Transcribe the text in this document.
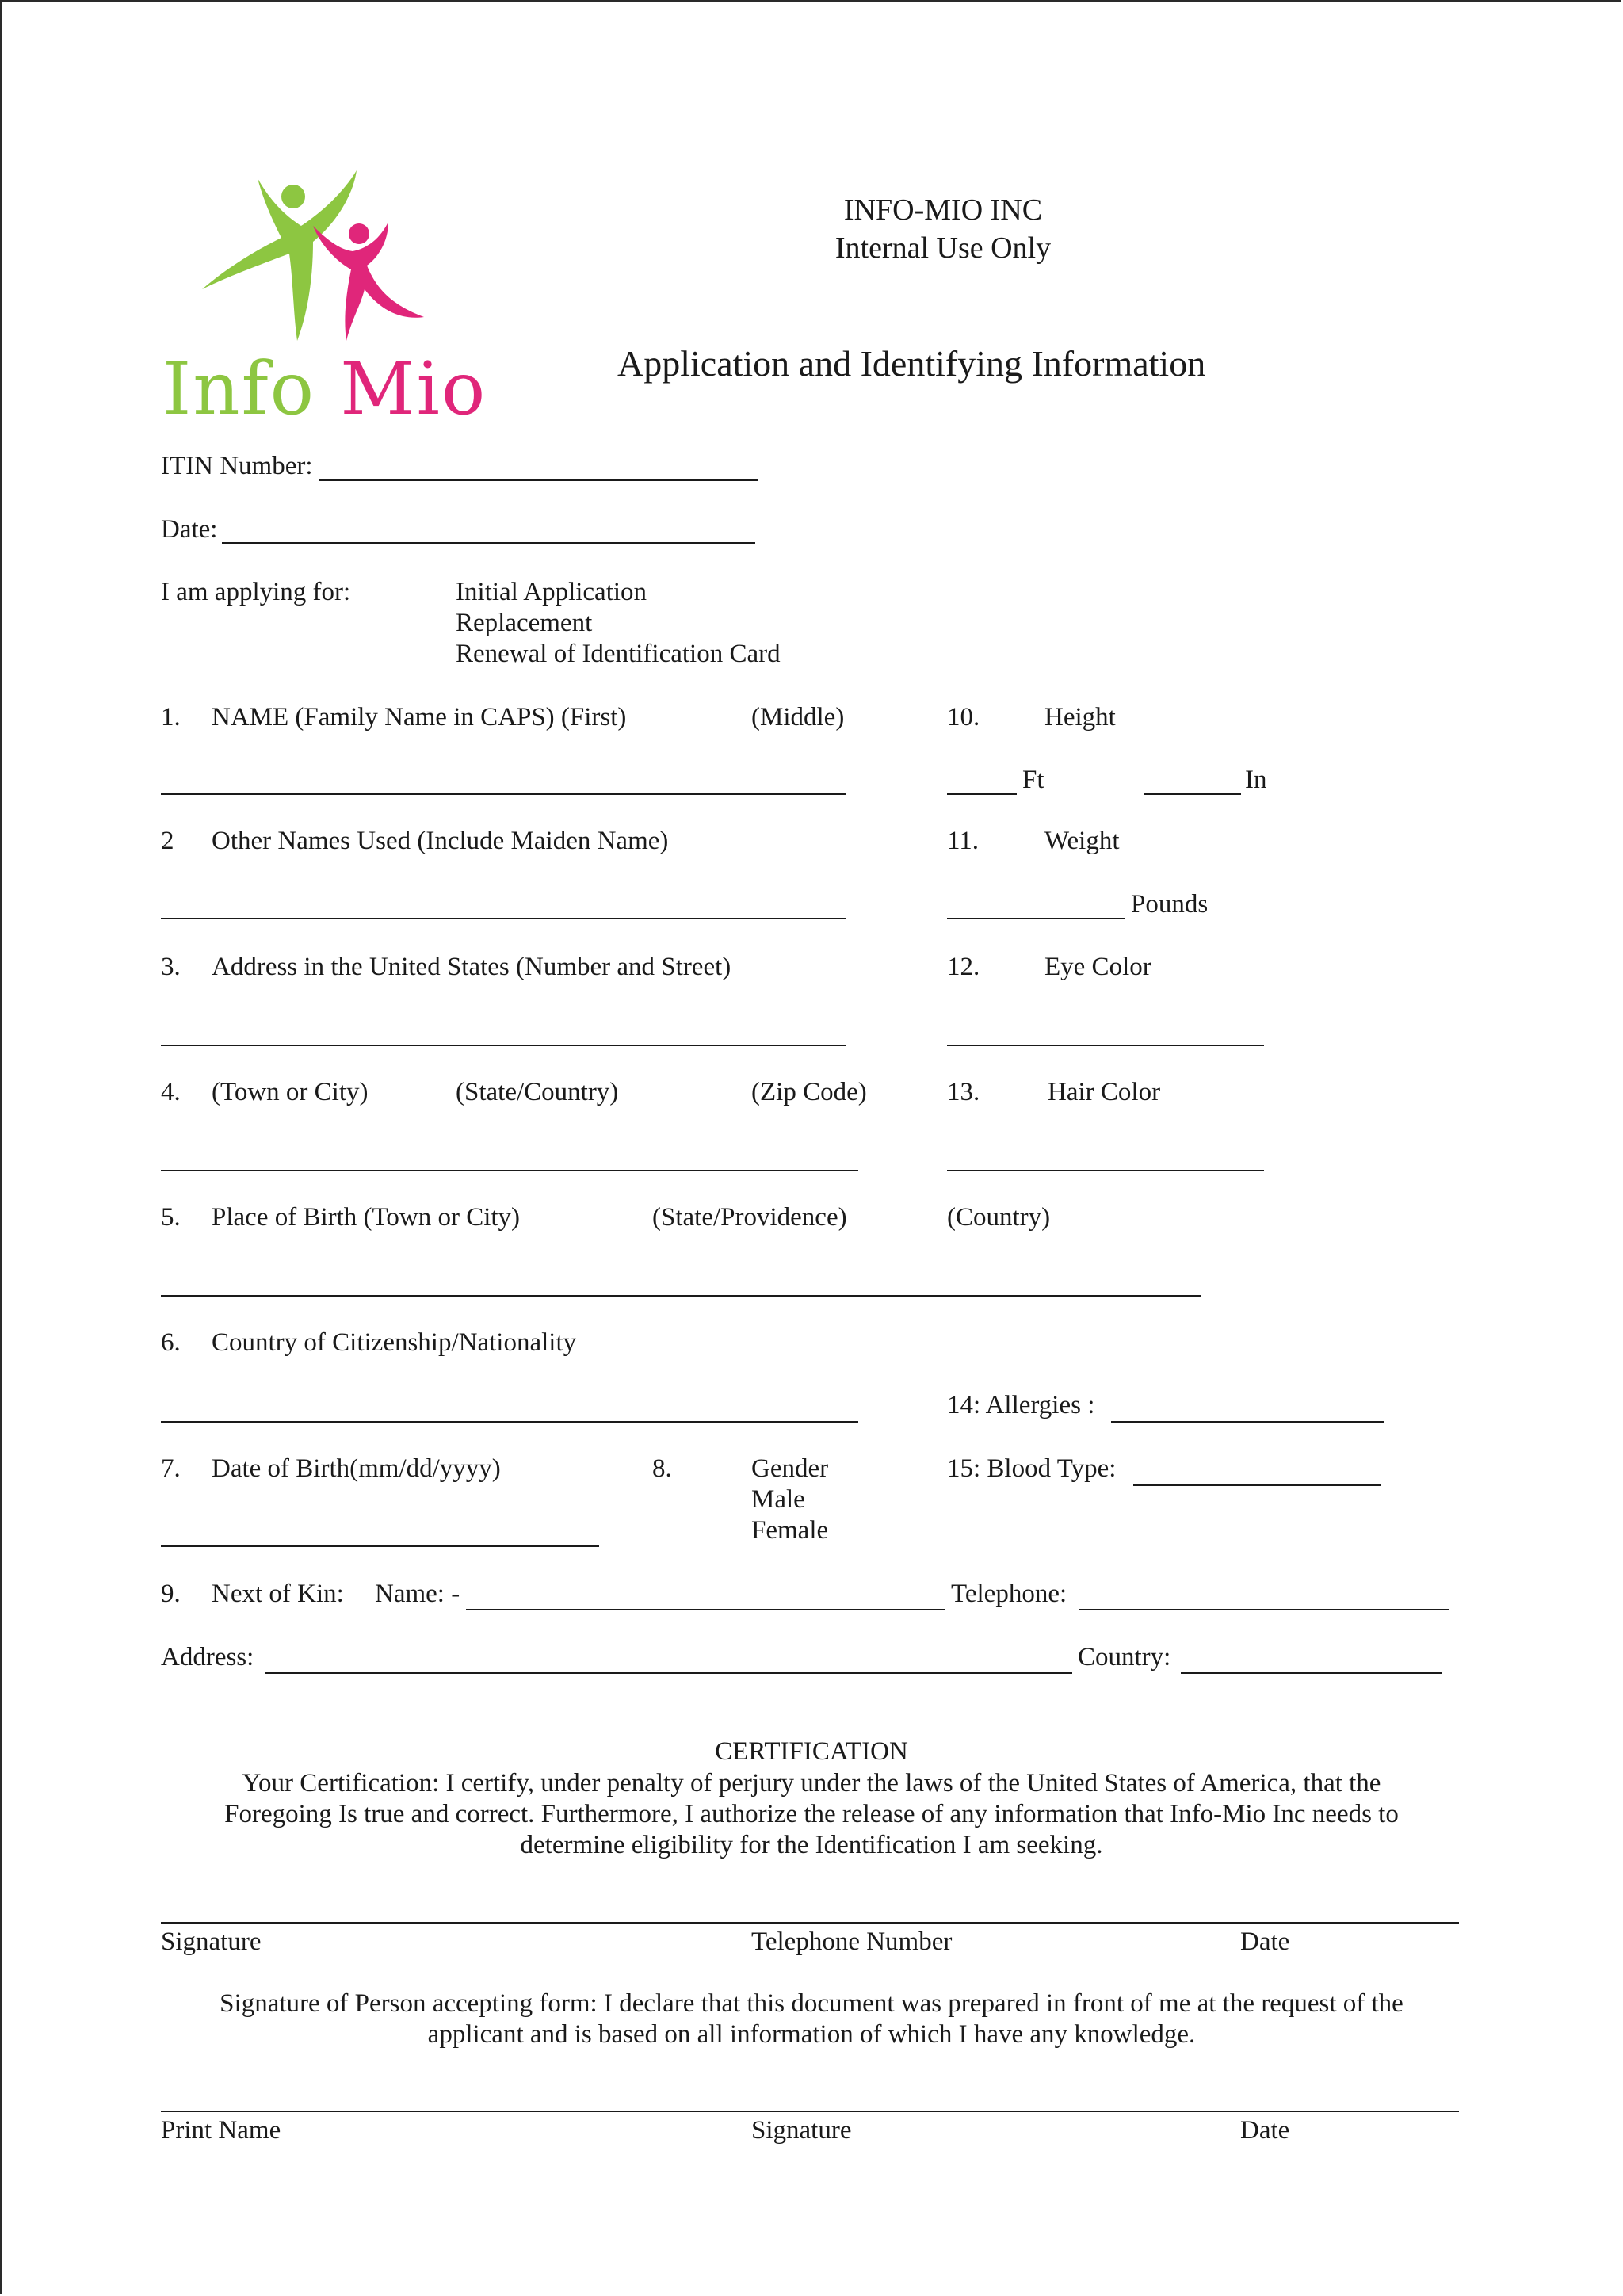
Info Mio
INFO-MIO INC
Internal Use Only
Application and Identifying Information
ITIN Number:
Date:
I am applying for:	Initial Application
Replacement
Renewal of Identification Card
1. NAME (Family Name in CAPS) (First)	(Middle)	10. Height
Ft	In
2 Other Names Used (Include Maiden Name)	11.	Weight
Pounds
3. Address in the United States (Number and Street)	12. Eye Color
4. (Town or City)	(State/Country)	(Zip Code)	13.	Hair Color
5. Place of Birth (Town or City)	(State/Providence)	(Country)
6. Country of Citizenship/Nationality
14: Allergies :
7. Date of Birth(mm/dd/yyyy)	8.	Gender
Male
Female
15: Blood Type:
9. Next of Kin: Name: -	Telephone:
Address:	Country:
CERTIFICATION
Your Certification: I certify, under penalty of perjury under the laws of the United States of America, that the
Foregoing Is true and correct. Furthermore, I authorize the release of any information that Info-Mio Inc needs to
determine eligibility for the Identification I am seeking.
Signature	Telephone Number	Date
Signature of Person accepting form: I declare that this document was prepared in front of me at the request of the
applicant and is based on all information of which I have any knowledge.
Print Name	Signature	Date
